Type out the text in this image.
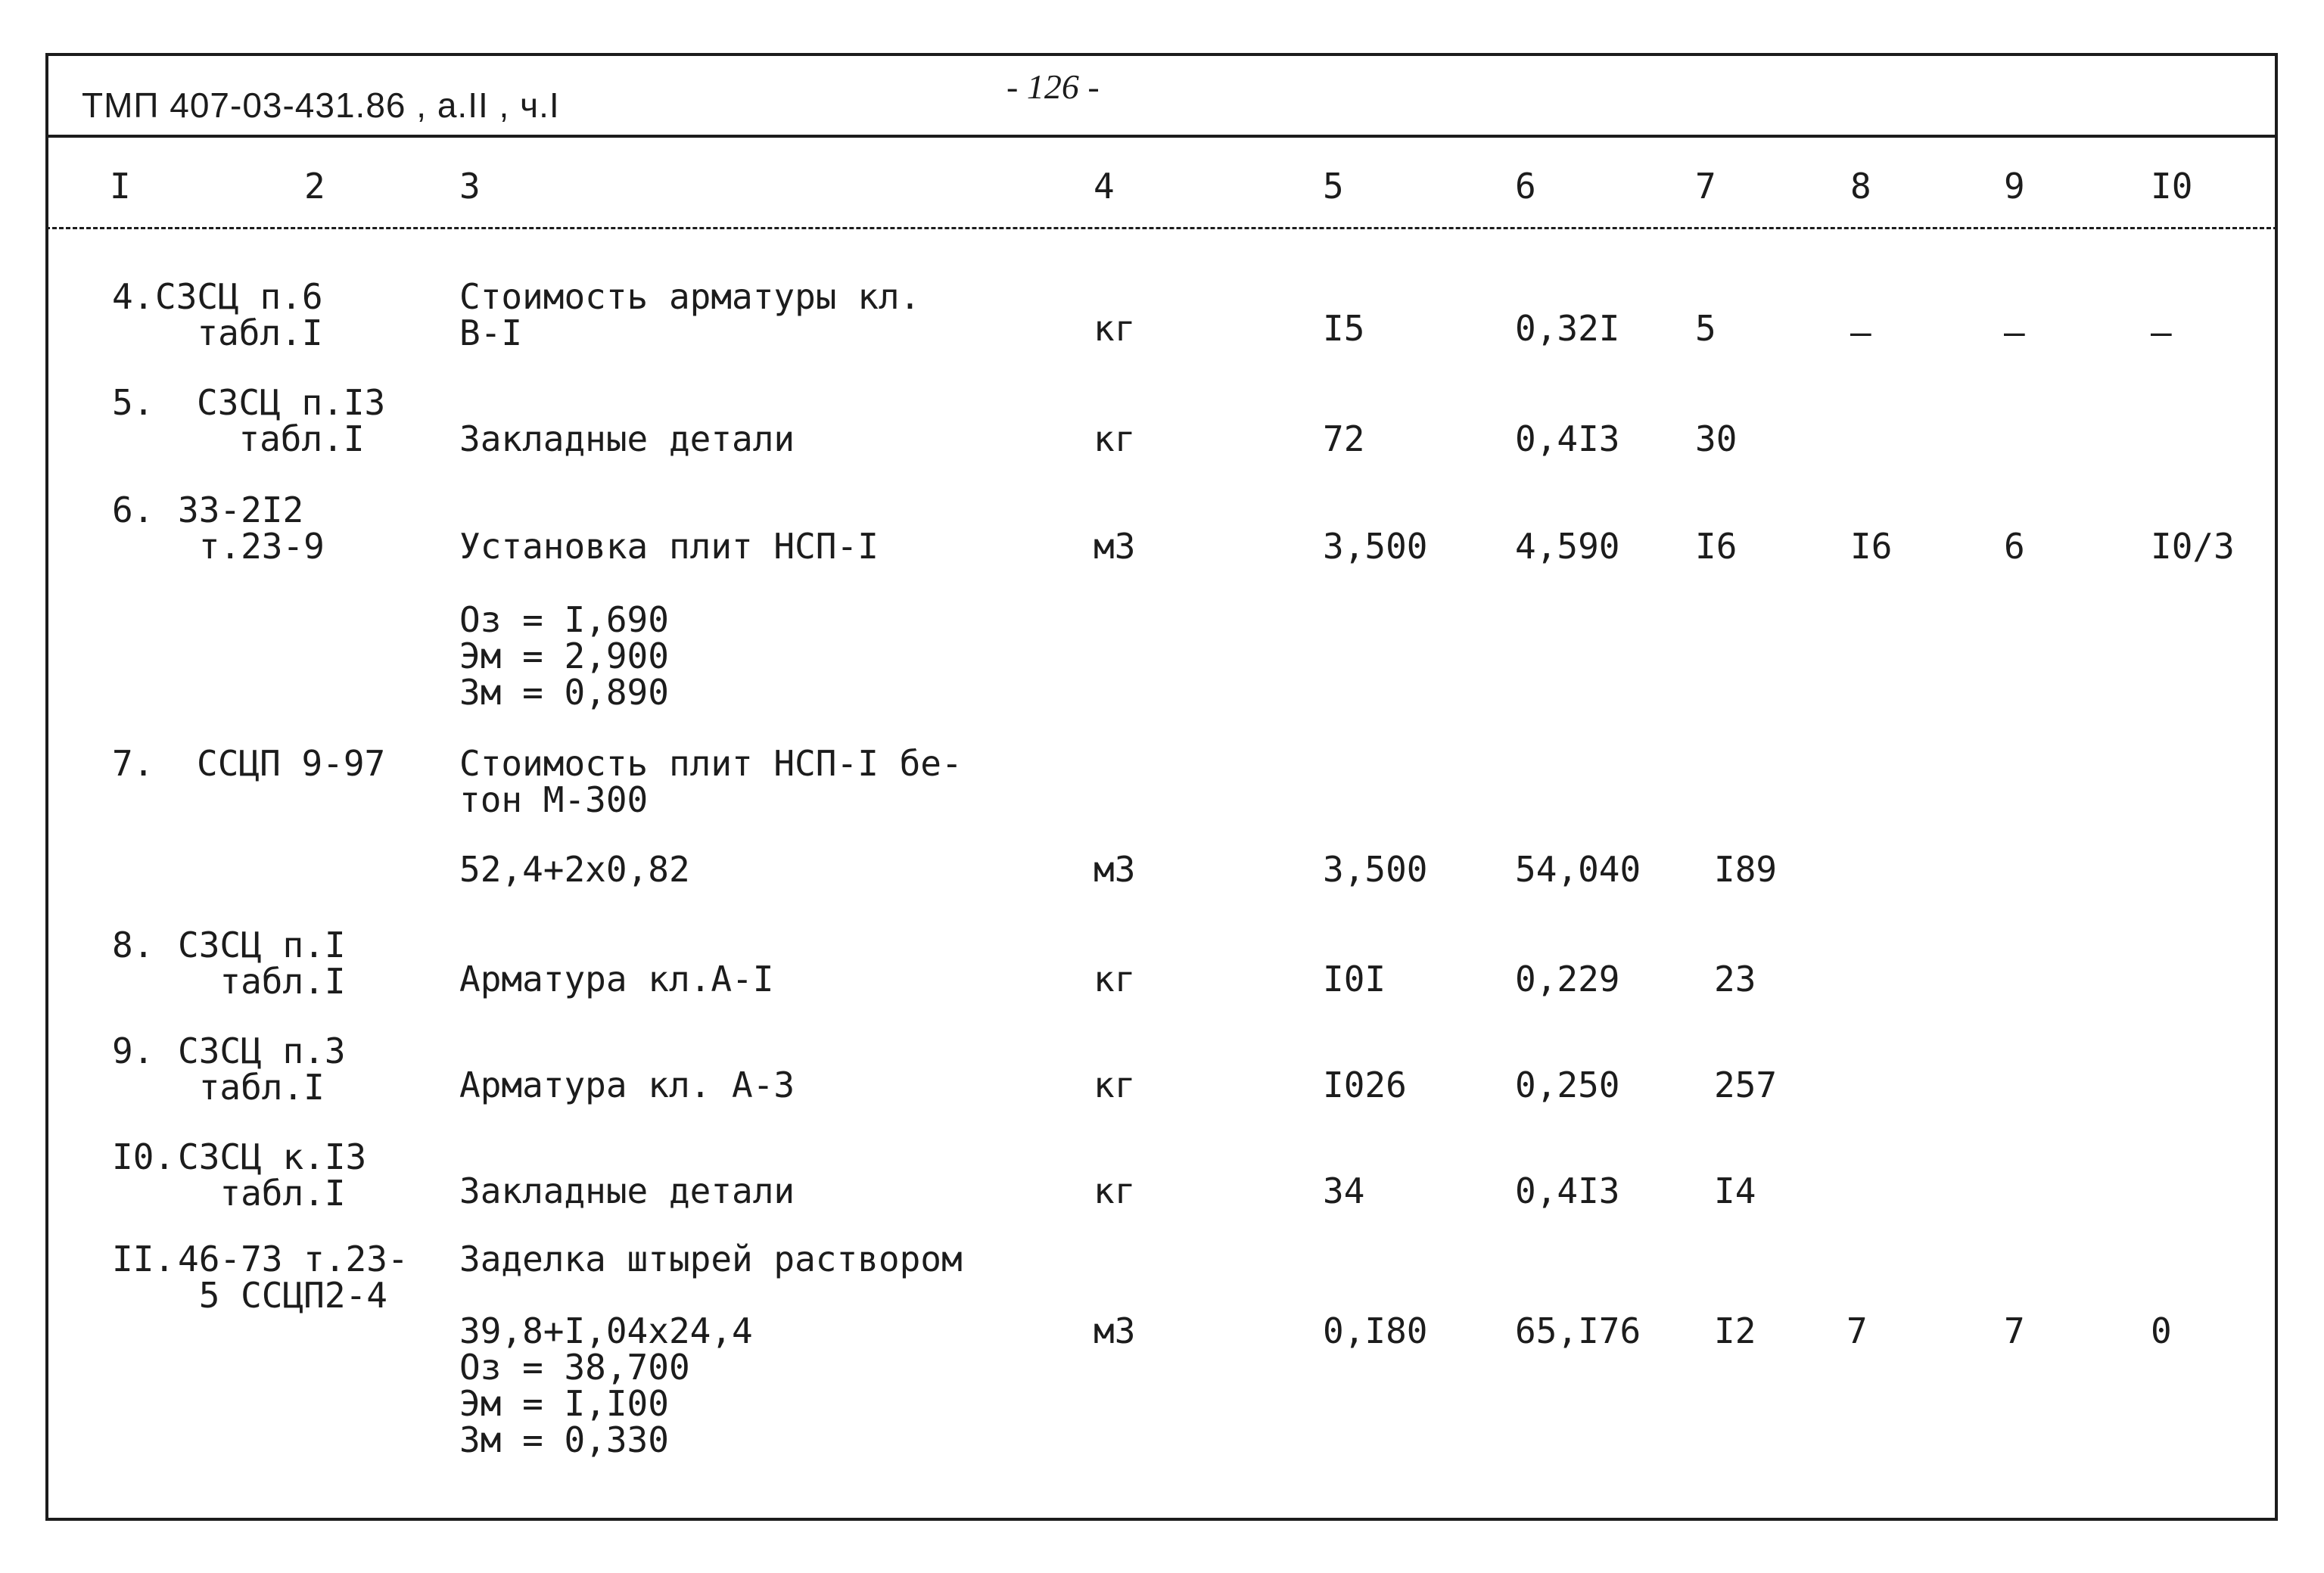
ТМП 407-03-431.86 , а.II , ч.I	- 126 -
I	2	3	4	5	6	7	8	9	I0
4. СЗСЦ п.6
табл.I
Стоимость арматуры кл.
В-I	кг	I5	0,32I 5	–	–	–
5. СЗСЦ п.I3
табл.I	Закладные детали	кг	72	0,4I3 30
6. 33-2I2
т.23-9	Установка плит НСП-I	м3	3,500	4,590 I6	I6	6	I0/3
Оз = I,690
Эм = 2,900
Зм = 0,890
7. ССЦП 9-97 Стоимость плит НСП-I бе-
тон М-300
52,4+2х0,82	м3	3,500	54,040 I89
8. СЗСЦ п.I
табл.I	Арматура кл.А-I	кг	I0I	0,229	23
9. СЗСЦ п.3
табл.I	Арматура кл. А-3	кг	I026	0,250	257
I0. СЗСЦ к.I3
табл.I	Закладные детали	кг	34	0,4I3	I4
II. 46-73 т.23-
5 ССЦП2-4
Заделка штырей раствором
39,8+I,04х24,4
Оз = 38,700
Эм = I,I00
Зм = 0,330
м3	0,I80	65,I76 I2	7	7	0
